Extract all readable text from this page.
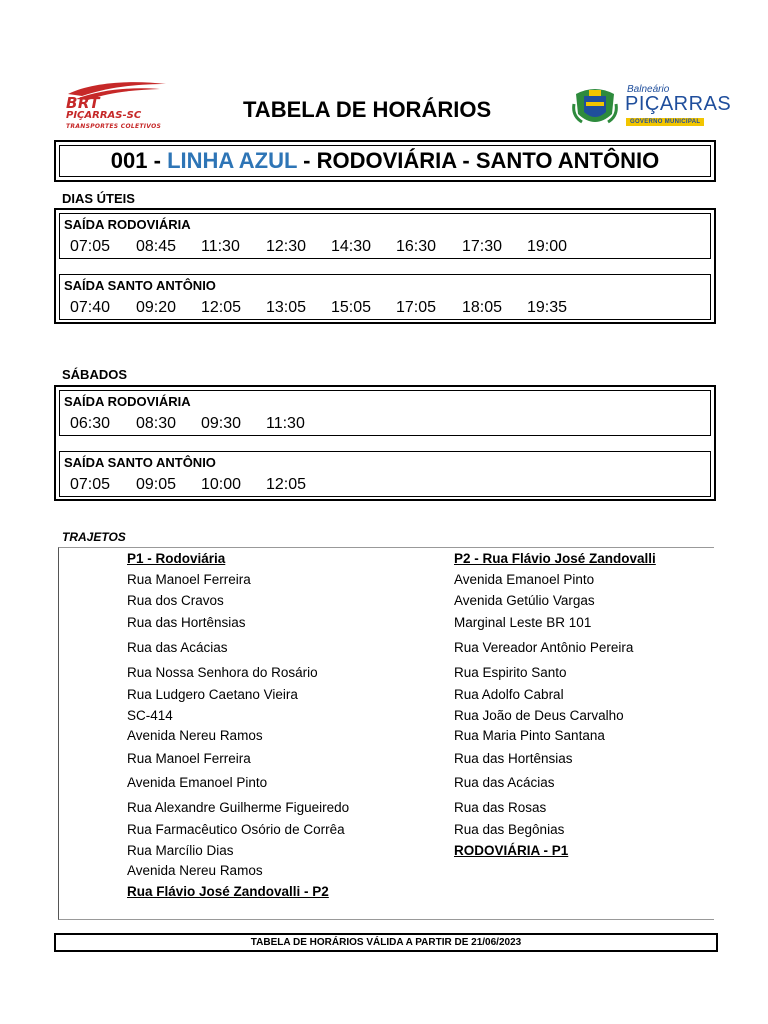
BRT
PIÇARRAS-SC
TRANSPORTES COLETIVOS
TABELA DE HORÁRIOS
Balneário
PIÇARRAS
GOVERNO MUNICIPAL
001 - LINHA AZUL - RODOVIÁRIA - SANTO ANTÔNIO
DIAS ÚTEIS
SAÍDA RODOVIÁRIA
07:05 08:45 11:30 12:30 14:30 16:30 17:30 19:00
SAÍDA SANTO ANTÔNIO
07:40 09:20 12:05 13:05 15:05 17:05 18:05 19:35
SÁBADOS
SAÍDA RODOVIÁRIA
06:30 08:30 09:30 11:30
SAÍDA SANTO ANTÔNIO
07:05 09:05 10:00 12:05
TRAJETOS
P1 - Rodoviária
Rua Manoel Ferreira
Rua dos Cravos
Rua das Hortênsias
Rua das Acácias
Rua Nossa Senhora do Rosário
Rua Ludgero Caetano Vieira
SC-414
Avenida Nereu Ramos
Rua Manoel Ferreira
Avenida Emanoel Pinto
Rua Alexandre Guilherme Figueiredo
Rua Farmacêutico Osório de Corrêa
Rua Marcílio Dias
Avenida Nereu Ramos
Rua Flávio José Zandovalli - P2
P2 - Rua Flávio José Zandovalli
Avenida Emanoel Pinto
Avenida Getúlio Vargas
Marginal Leste BR 101
Rua Vereador Antônio Pereira
Rua Espirito Santo
Rua Adolfo Cabral
Rua João de Deus Carvalho
Rua Maria Pinto Santana
Rua das Hortênsias
Rua das Acácias
Rua das Rosas
Rua das Begônias
RODOVIÁRIA - P1
TABELA DE HORÁRIOS VÁLIDA A PARTIR DE 21/06/2023
